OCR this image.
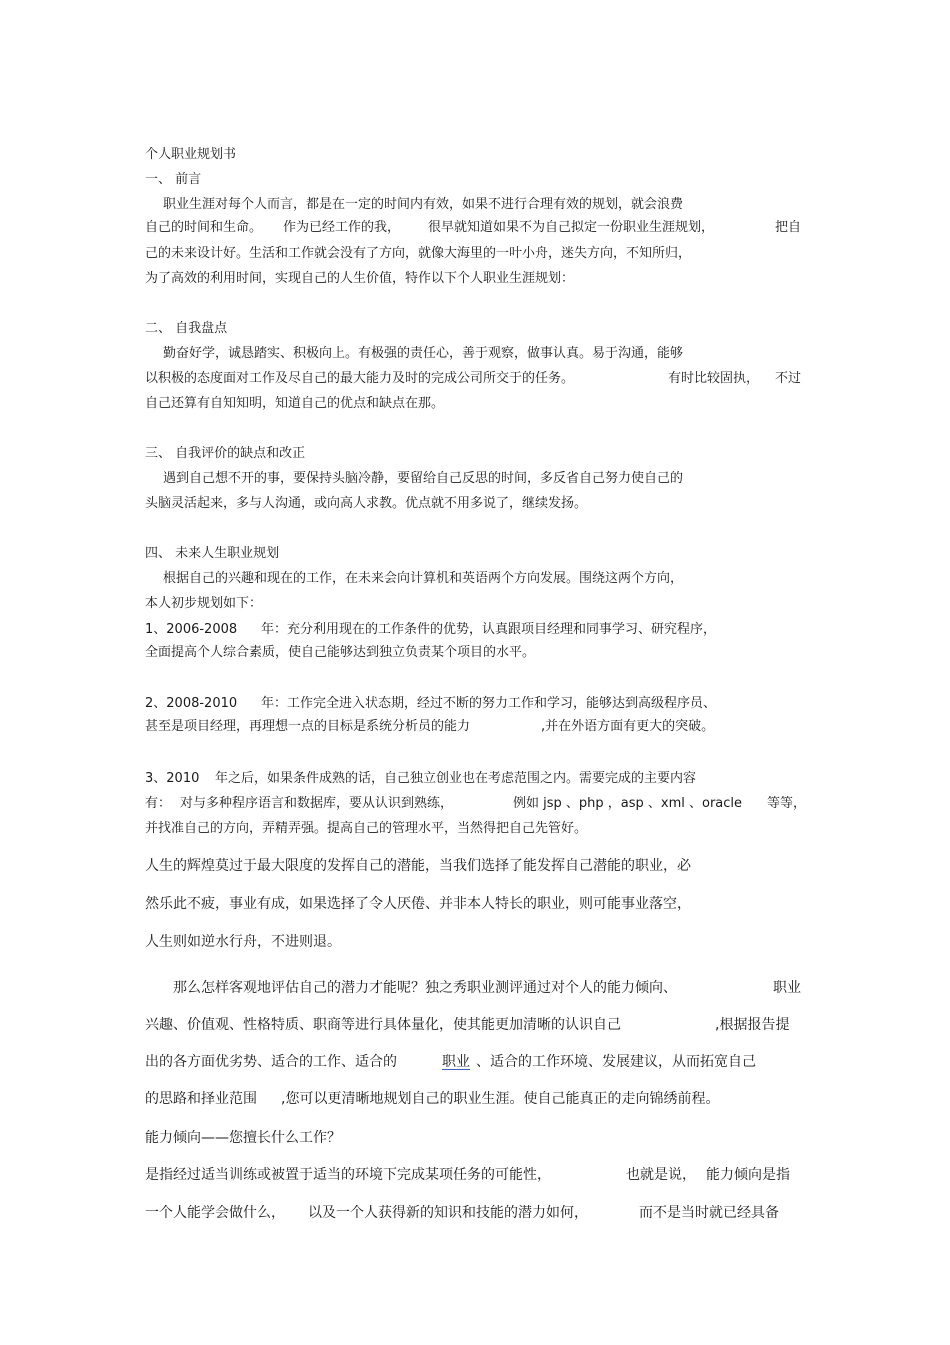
个人职业规划书
一、 前言
职业生涯对每个人而言，都是在一定的时间内有效，如果不进行合理有效的规划，就会浪费
自己的时间和生命。 作为已经工作的我， 很早就知道如果不为自己拟定一份职业生涯规划，	把自
己的未来设计好。生活和工作就会没有了方向，就像大海里的一叶小舟，迷失方向，不知所归，
为了高效的利用时间，实现自己的人生价值，特作以下个人职业生涯规划：
二、 自我盘点
勤奋好学，诚恳踏实、积极向上。有极强的责任心，善于观察，做事认真。易于沟通，能够
以积极的态度面对工作及尽自己的最大能力及时的完成公司所交于的任务。	有时比较固执， 不过
自己还算有自知知明，知道自己的优点和缺点在那。
三、 自我评价的缺点和改正
遇到自己想不开的事，要保持头脑冷静，要留给自己反思的时间，多反省自己努力使自己的
头脑灵活起来，多与人沟通，或向高人求教。优点就不用多说了，继续发扬。
四、 未来人生职业规划
根据自己的兴趣和现在的工作，在未来会向计算机和英语两个方向发展。围绕这两个方向，
本人初步规划如下：
1、2006-2008 年：充分利用现在的工作条件的优势，认真跟项目经理和同事学习、研究程序，
全面提高个人综合素质，使自己能够达到独立负责某个项目的水平。
2、2008-2010 年：工作完全进入状态期，经过不断的努力工作和学习，能够达到高级程序员、
甚至是项目经理，再理想一点的目标是系统分析员的能力	,并在外语方面有更大的突破。
3、2010 年之后，如果条件成熟的话，自己独立创业也在考虑范围之内。需要完成的主要内容
有： 对与多种程序语言和数据库，要从认识到熟练，	例如 jsp 、php ，asp 、xml 、oracle 等等，
并找准自己的方向，弄精弄强。提高自己的管理水平，当然得把自己先管好。
人生的辉煌莫过于最大限度的发挥自己的潜能，当我们选择了能发挥自己潜能的职业，必
然乐此不疲，事业有成，如果选择了令人厌倦、并非本人特长的职业，则可能事业落空，
人生则如逆水行舟，不进则退。
那么怎样客观地评估自己的潜力才能呢？独之秀职业测评通过对个人的能力倾向、	职业
兴趣、价值观、性格特质、职商等进行具体量化，使其能更加清晰的认识自己	,根据报告提
出的各方面优劣势、适合的工作、适合的	职业 、适合的工作环境、发展建议，从而拓宽自己
的思路和择业范围 ,您可以更清晰地规划自己的职业生涯。使自己能真正的走向锦绣前程。
能力倾向——您擅长什么工作？
是指经过适当训练或被置于适当的环境下完成某项任务的可能性，	也就是说， 能力倾向是指
一个人能学会做什么， 以及一个人获得新的知识和技能的潜力如何，	而不是当时就已经具备
